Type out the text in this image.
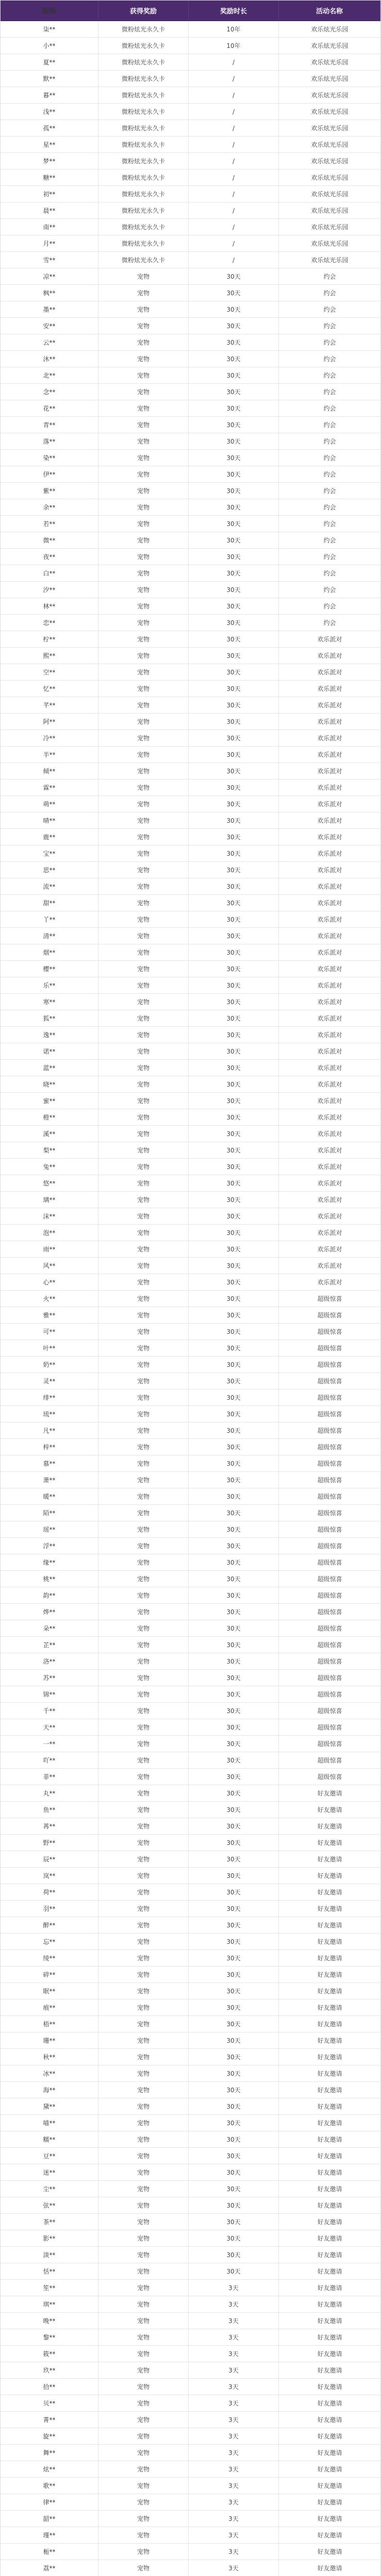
昵称	获得奖励	奖励时长	活动名称
柒**	微粉炫光永久卡	10年	欢乐炫光乐园
小**	微粉炫光永久卡	10年	欢乐炫光乐园
夏**	微粉炫光永久卡	/	欢乐炫光乐园
默**	微粉炫光永久卡	/	欢乐炫光乐园
暮**	微粉炫光永久卡	/	欢乐炫光乐园
浅**	微粉炫光永久卡	/	欢乐炫光乐园
孤**	微粉炫光永久卡	/	欢乐炫光乐园
星**	微粉炫光永久卡	/	欢乐炫光乐园
梦**	微粉炫光永久卡	/	欢乐炫光乐园
糖**	微粉炫光永久卡	/	欢乐炫光乐园
初**	微粉炫光永久卡	/	欢乐炫光乐园
晨**	微粉炫光永久卡	/	欢乐炫光乐园
南**	微粉炫光永久卡	/	欢乐炫光乐园
月**	微粉炫光永久卡	/	欢乐炫光乐园
雪**	微粉炫光永久卡	/	欢乐炫光乐园
凉**	宠物	30天	约会
枫**	宠物	30天	约会
墨**	宠物	30天	约会
安**	宠物	30天	约会
云**	宠物	30天	约会
沐**	宠物	30天	约会
北**	宠物	30天	约会
念**	宠物	30天	约会
花**	宠物	30天	约会
青**	宠物	30天	约会
落**	宠物	30天	约会
染**	宠物	30天	约会
伊**	宠物	30天	约会
紫**	宠物	30天	约会
余**	宠物	30天	约会
若**	宠物	30天	约会
微**	宠物	30天	约会
夜**	宠物	30天	约会
白**	宠物	30天	约会
汐**	宠物	30天	约会
林**	宠物	30天	约会
恋**	宠物	30天	约会
柠**	宠物	30天	欢乐派对
熙**	宠物	30天	欢乐派对
空**	宠物	30天	欢乐派对
忆**	宠物	30天	欢乐派对
芊**	宠物	30天	欢乐派对
阿**	宠物	30天	欢乐派对
冷**	宠物	30天	欢乐派对
半**	宠物	30天	欢乐派对
倾**	宠物	30天	欢乐派对
霖**	宠物	30天	欢乐派对
萌**	宠物	30天	欢乐派对
晴**	宠物	30天	欢乐派对
鹿**	宠物	30天	欢乐派对
宝**	宠物	30天	欢乐派对
思**	宠物	30天	欢乐派对
流**	宠物	30天	欢乐派对
甜**	宠物	30天	欢乐派对
丫**	宠物	30天	欢乐派对
清**	宠物	30天	欢乐派对
烟**	宠物	30天	欢乐派对
樱**	宠物	30天	欢乐派对
乐**	宠物	30天	欢乐派对
寒**	宠物	30天	欢乐派对
狐**	宠物	30天	欢乐派对
逸**	宠物	30天	欢乐派对
诺**	宠物	30天	欢乐派对
蓝**	宠物	30天	欢乐派对
晓**	宠物	30天	欢乐派对
蜜**	宠物	30天	欢乐派对
橙**	宠物	30天	欢乐派对
溪**	宠物	30天	欢乐派对
梨**	宠物	30天	欢乐派对
兔**	宠物	30天	欢乐派对
悠**	宠物	30天	欢乐派对
璃**	宠物	30天	欢乐派对
沫**	宠物	30天	欢乐派对
泡**	宠物	30天	欢乐派对
雨**	宠物	30天	欢乐派对
风**	宠物	30天	欢乐派对
心**	宠物	30天	欢乐派对
火**	宠物	30天	超级惊喜
雅**	宠物	30天	超级惊喜
可**	宠物	30天	超级惊喜
叶**	宠物	30天	超级惊喜
奶**	宠物	30天	超级惊喜
灵**	宠物	30天	超级惊喜
绯**	宠物	30天	超级惊喜
琉**	宠物	30天	超级惊喜
凡**	宠物	30天	超级惊喜
梓**	宠物	30天	超级惊喜
慕**	宠物	30天	超级惊喜
萧**	宠物	30天	超级惊喜
暖**	宠物	30天	超级惊喜
陌**	宠物	30天	超级惊喜
瑶**	宠物	30天	超级惊喜
浮**	宠物	30天	超级惊喜
缘**	宠物	30天	超级惊喜
桃**	宠物	30天	超级惊喜
韵**	宠物	30天	超级惊喜
烨**	宠物	30天	超级惊喜
朵**	宠物	30天	超级惊喜
芷**	宠物	30天	超级惊喜
洛**	宠物	30天	超级惊喜
苏**	宠物	30天	超级惊喜
锦**	宠物	30天	超级惊喜
千**	宠物	30天	超级惊喜
天**	宠物	30天	超级惊喜
一**	宠物	30天	超级惊喜
吖**	宠物	30天	超级惊喜
菲**	宠物	30天	超级惊喜
丸**	宠物	30天	好友邀请
鱼**	宠物	30天	好友邀请
苒**	宠物	30天	好友邀请
野**	宠物	30天	好友邀请
辰**	宠物	30天	好友邀请
岚**	宠物	30天	好友邀请
荷**	宠物	30天	好友邀请
羽**	宠物	30天	好友邀请
醉**	宠物	30天	好友邀请
忘**	宠物	30天	好友邀请
绫**	宠物	30天	好友邀请
碎**	宠物	30天	好友邀请
眠**	宠物	30天	好友邀请
痕**	宠物	30天	好友邀请
梧**	宠物	30天	好友邀请
珊**	宠物	30天	好友邀请
秋**	宠物	30天	好友邀请
冰**	宠物	30天	好友邀请
海**	宠物	30天	好友邀请
黛**	宠物	30天	好友邀请
喵**	宠物	30天	好友邀请
糯**	宠物	30天	好友邀请
豆**	宠物	30天	好友邀请
迷**	宠物	30天	好友邀请
尘**	宠物	30天	好友邀请
弦**	宠物	30天	好友邀请
茶**	宠物	30天	好友邀请
影**	宠物	30天	好友邀请
淡**	宠物	30天	好友邀请
恬**	宠物	30天	好友邀请
笙**	宠物	3天	好友邀请
琪**	宠物	3天	好友邀请
晚**	宠物	3天	好友邀请
黎**	宠物	3天	好友邀请
筱**	宠物	3天	好友邀请
玖**	宠物	3天	好友邀请
拾**	宠物	3天	好友邀请
贝**	宠物	3天	好友邀请
菁**	宠物	3天	好友邀请
旋**	宠物	3天	好友邀请
舞**	宠物	3天	好友邀请
炫**	宠物	3天	好友邀请
歌**	宠物	3天	好友邀请
律**	宠物	3天	好友邀请
韶**	宠物	3天	好友邀请
瑾**	宠物	3天	好友邀请
栀**	宠物	3天	好友邀请
荔**	宠物	3天	好友邀请
